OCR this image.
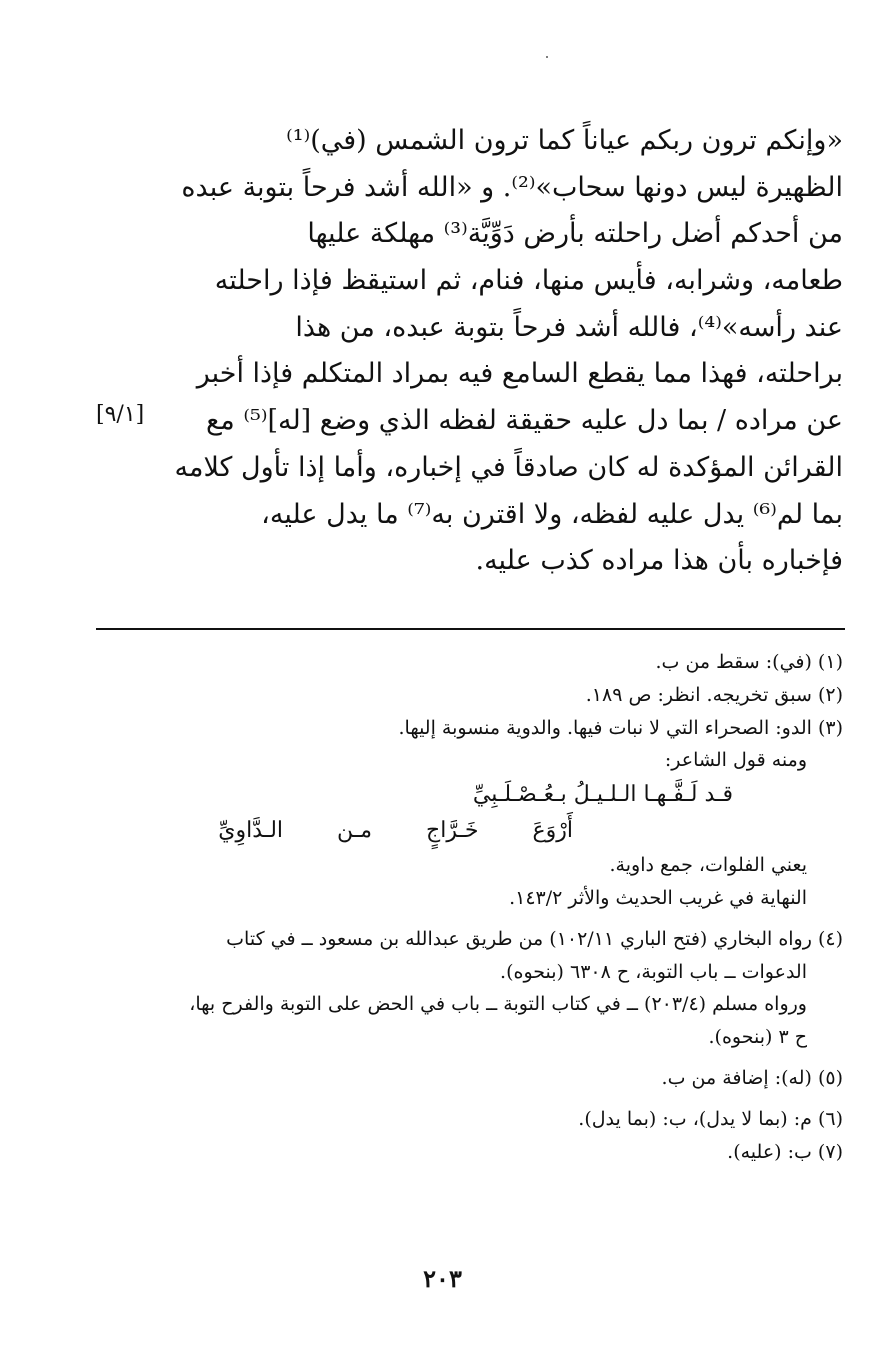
«وإنكم ترون ربكم عياناً كما ترون الشمس (في)⁽¹⁾
الظهيرة ليس دونها سحاب»⁽²⁾. و «الله أشد فرحاً بتوبة عبده
من أحدكم أضل راحلته بأرض دَوِّيَّة⁽³⁾ مهلكة عليها
طعامه، وشرابه، فأيس منها، فنام، ثم استيقظ فإذا راحلته
عند رأسه»⁽⁴⁾، فالله أشد فرحاً بتوبة عبده، من هذا
براحلته، فهذا مما يقطع السامع فيه بمراد المتكلم فإذا أخبر
عن مراده / بما دل عليه حقيقة لفظه الذي وضع [له]⁽⁵⁾ مع
القرائن المؤكدة له كان صادقاً في إخباره، وأما إذا تأول كلامه
بما لم⁽⁶⁾ يدل عليه لفظه، ولا اقترن به⁽⁷⁾ ما يدل عليه،
فإخباره بأن هذا مراده كذب عليه.
[٩/١]
(١) (في): سقط من ب.
(٢) سبق تخريجه. انظر: ص ١٨٩.
(٣) الدو: الصحراء التي لا نبات فيها. والدوية منسوبة إليها.
ومنه قول الشاعر:
قـد لَـفَّـهـا الـلـيـلُ بـعُـصْـلَـبِيِّ
أَرْوَعَخَـرَّاجٍمـنالـدَّاوِيِّ
يعني الفلوات، جمع داوية.
النهاية في غريب الحديث والأثر ١٤٣/٢.
(٤) رواه البخاري (فتح الباري ١٠٢/١١) من طريق عبدالله بن مسعود ــ في كتاب
الدعوات ــ باب التوبة، ح ٦٣٠٨ (بنحوه).
ورواه مسلم (٢٠٣/٤) ــ في كتاب التوبة ــ باب في الحض على التوبة والفرح بها،
ح ٣ (بنحوه).
(٥) (له): إضافة من ب.
(٦) م: (بما لا يدل)، ب: (بما يدل).
(٧) ب: (عليه).
٢٠٣
